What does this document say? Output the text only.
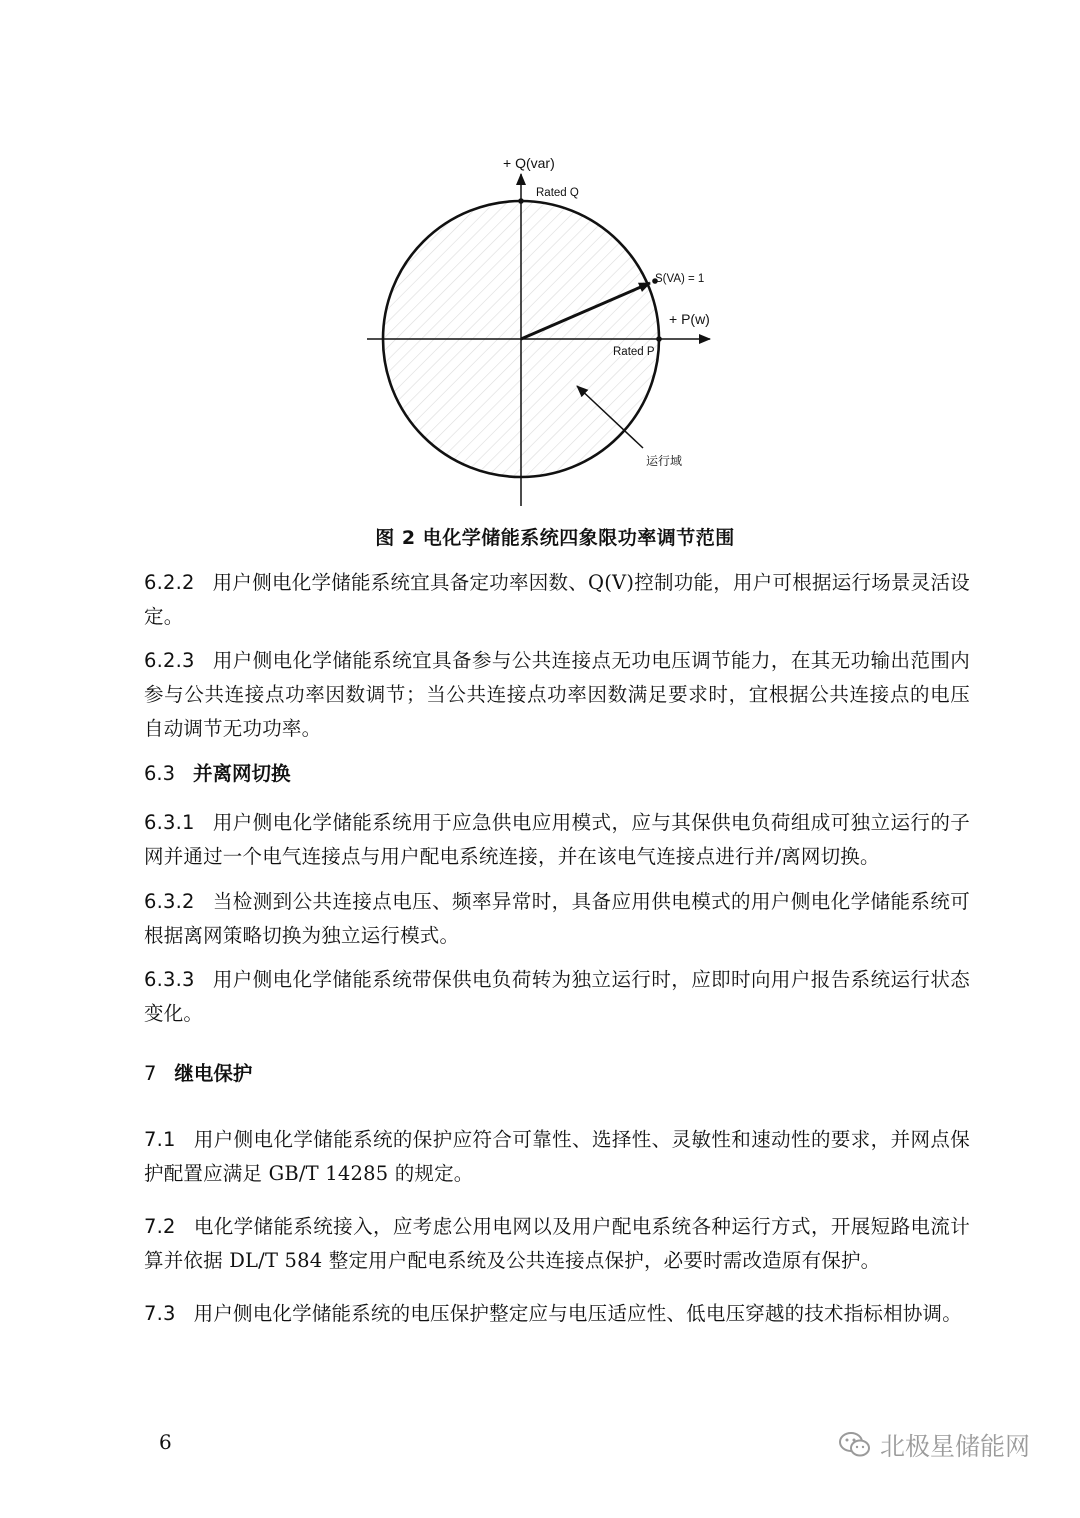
+ Q(var)
Rated Q
S(VA) = 1
+ P(w)
Rated P
运行域
图 2 电化学储能系统四象限功率调节范围
6.2.2 用户侧电化学储能系统宜具备定功率因数、Q(V)控制功能，用户可根据运行场景灵活设定。
6.2.3 用户侧电化学储能系统宜具备参与公共连接点无功电压调节能力，在其无功输出范围内参与公共连接点功率因数调节；当公共连接点功率因数满足要求时，宜根据公共连接点的电压自动调节无功功率。
6.3 并离网切换
6.3.1 用户侧电化学储能系统用于应急供电应用模式，应与其保供电负荷组成可独立运行的子网并通过一个电气连接点与用户配电系统连接，并在该电气连接点进行并/离网切换。
6.3.2 当检测到公共连接点电压、频率异常时，具备应用供电模式的用户侧电化学储能系统可根据离网策略切换为独立运行模式。
6.3.3 用户侧电化学储能系统带保供电负荷转为独立运行时，应即时向用户报告系统运行状态变化。
7 继电保护
7.1 用户侧电化学储能系统的保护应符合可靠性、选择性、灵敏性和速动性的要求，并网点保护配置应满足 GB/T 14285 的规定。
7.2 电化学储能系统接入，应考虑公用电网以及用户配电系统各种运行方式，开展短路电流计算并依据 DL/T 584 整定用户配电系统及公共连接点保护，必要时需改造原有保护。
7.3 用户侧电化学储能系统的电压保护整定应与电压适应性、低电压穿越的技术指标相协调。
6	北极星储能网
